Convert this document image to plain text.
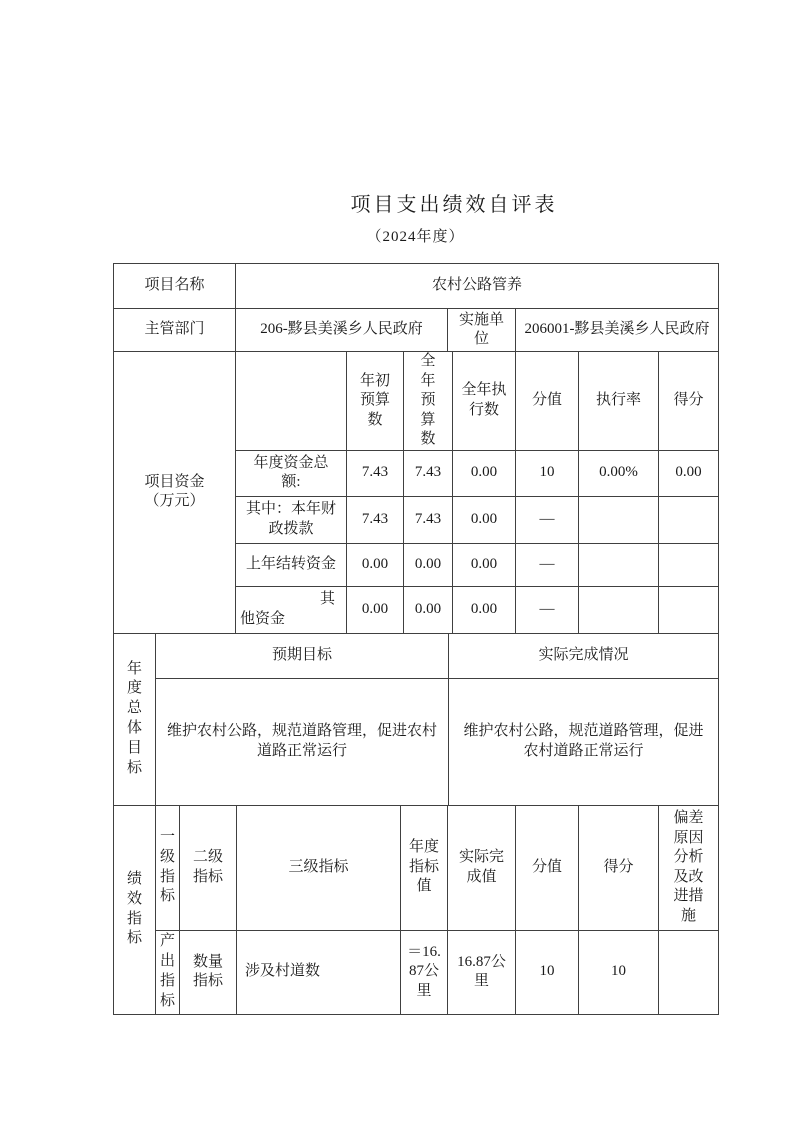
项目支出绩效自评表
（2024年度）
项目名称	农村公路管养		
主管部门	206-黟县美溪乡人民政府	实施单位	206001-黟县美溪乡人民政府
项目资金（万元）		年初预算数	全年预算数	全年执行数	分值	执行率	得分
	年度资金总额:	7.43	7.43	0.00	10	0.00%	0.00
	其中：本年财政拨款	7.43	7.43	0.00	—		
	上年结转资金	0.00	0.00	0.00	—		
	其他资金	0.00	0.00	0.00	—		
年度总体目标	预期目标	实际完成情况
	维护农村公路，规范道路管理，促进农村道路正常运行	维护农村公路，规范道路管理，促进农村道路正常运行
绩效指标	一级指标	二级指标	三级指标	年度指标值	实际完成值	分值	得分	偏差原因分析及改进措施
	产出指标	数量指标	涉及村道数	＝16.87公里	16.87公里	10	10	
